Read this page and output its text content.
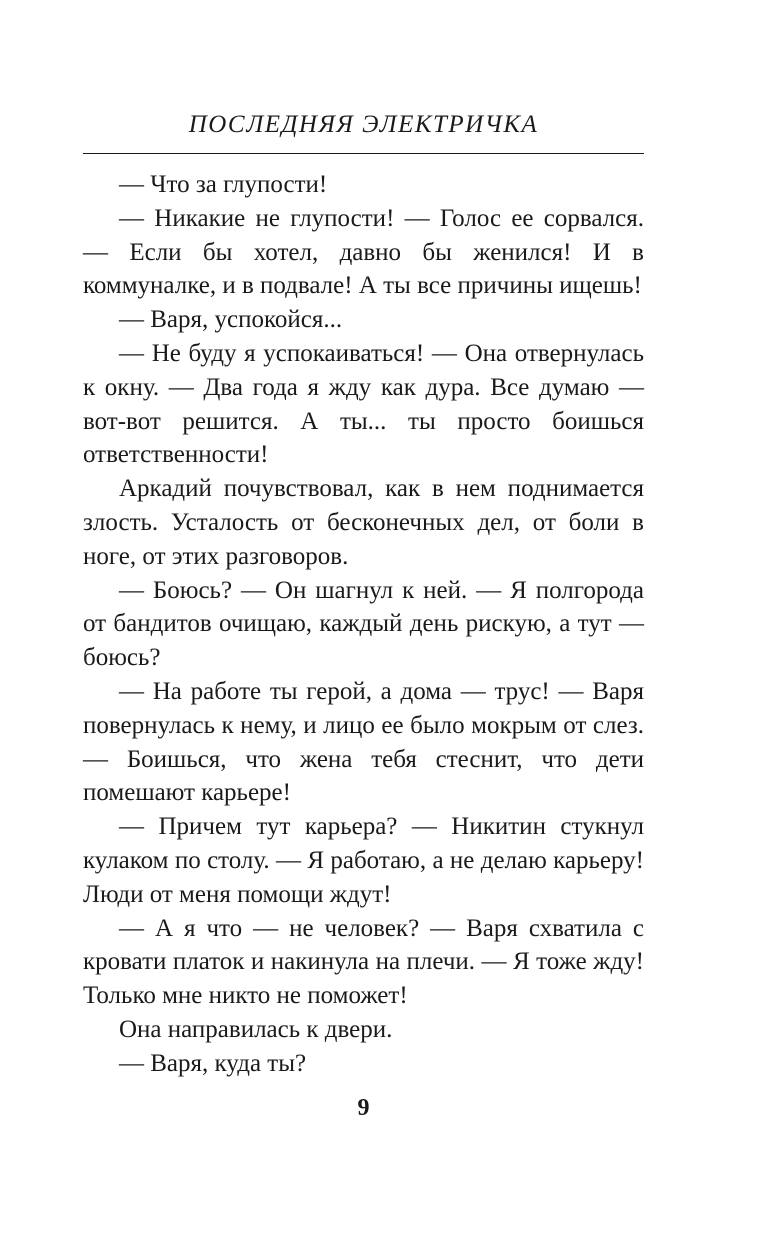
ПОСЛЕДНЯЯ ЭЛЕКТРИЧКА

— Что за глупости!

— Никакие не глупости! — Голос ее сорвался. — Если бы хотел, давно бы женился! И в коммуналке, и в подвале! А ты все причины ищешь!

— Варя, успокойся...

— Не буду я успокаиваться! — Она отвернулась к окну. — Два года я жду как дура. Все думаю — вот-вот решится. А ты... ты просто боишься ответственности!

Аркадий почувствовал, как в нем поднимается злость. Усталость от бесконечных дел, от боли в ноге, от этих разговоров.

— Боюсь? — Он шагнул к ней. — Я полгорода от бандитов очищаю, каждый день рискую, а тут — боюсь?

— На работе ты герой, а дома — трус! — Варя повернулась к нему, и лицо ее было мокрым от слез. — Боишься, что жена тебя стеснит, что дети помешают карьере!

— Причем тут карьера? — Никитин стукнул кулаком по столу. — Я работаю, а не делаю карьеру! Люди от меня помощи ждут!

— А я что — не человек? — Варя схватила с кровати платок и накинула на плечи. — Я тоже жду! Только мне никто не поможет!

Она направилась к двери.

— Варя, куда ты?

9
